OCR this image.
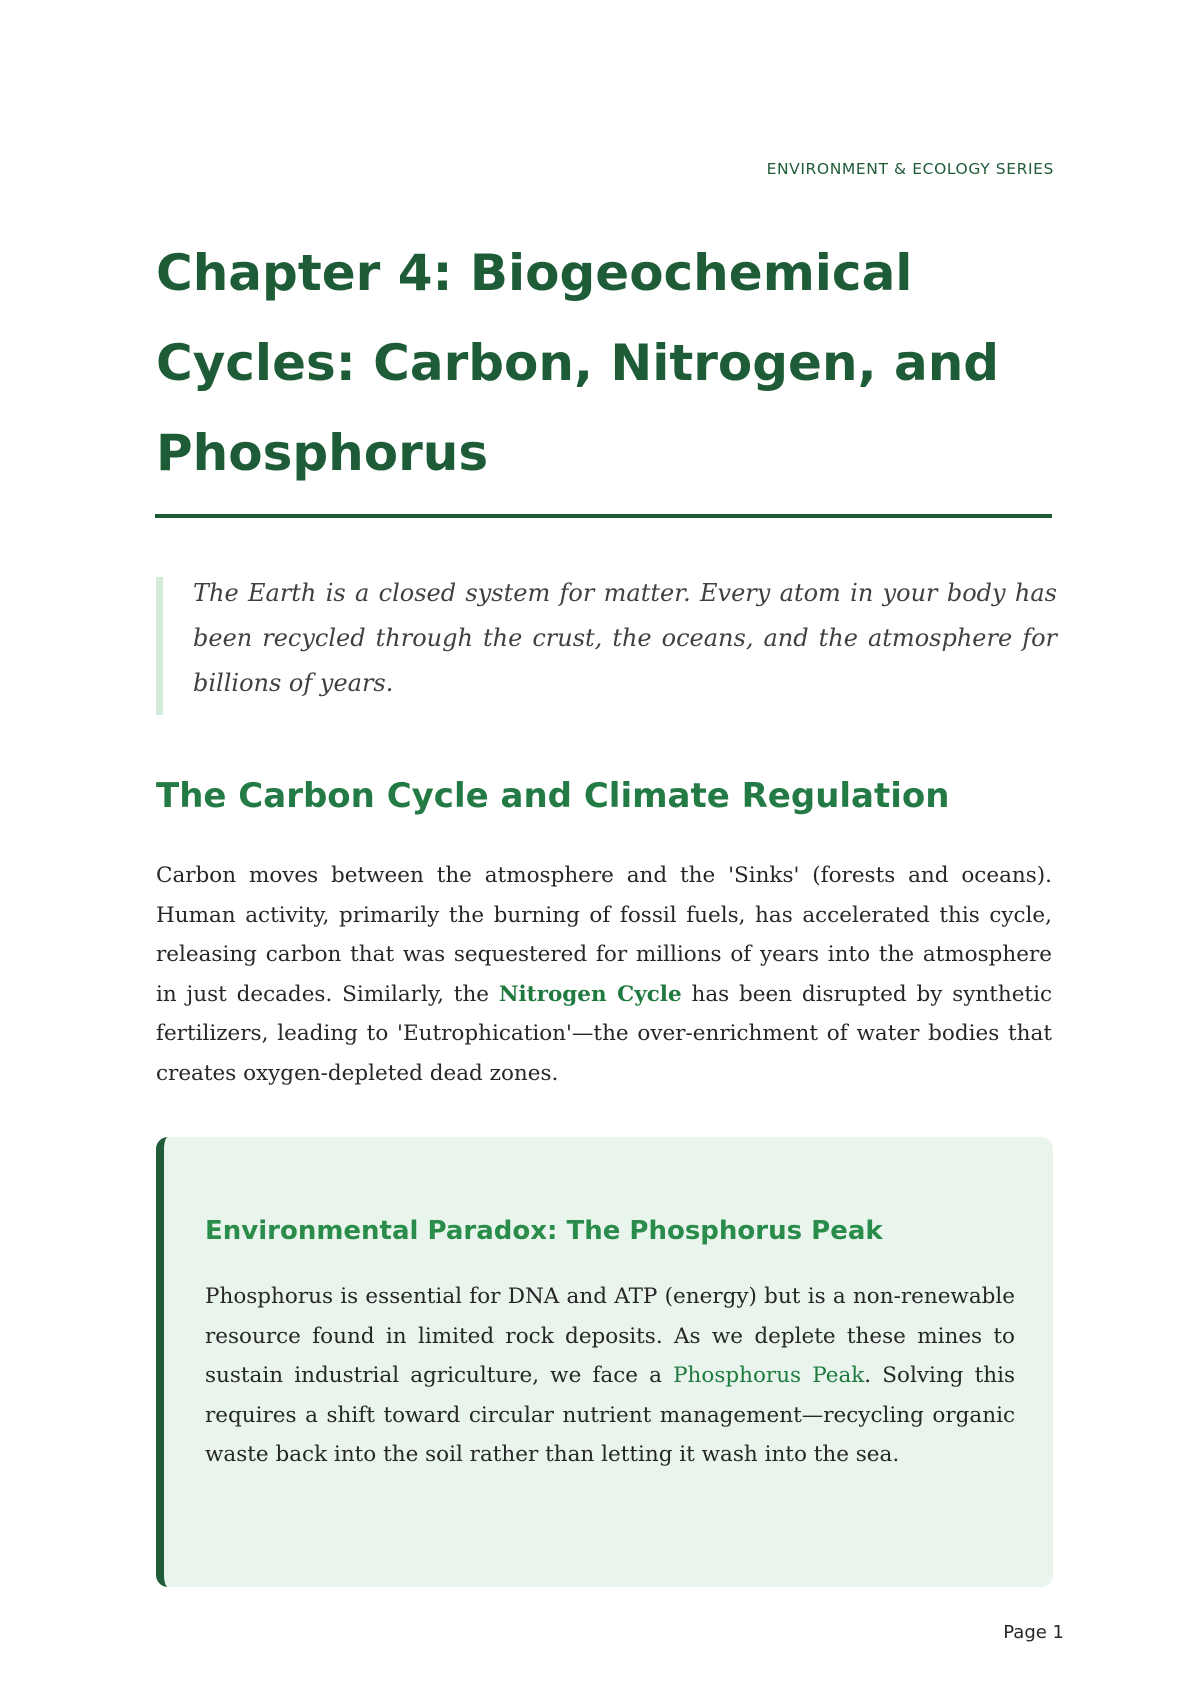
ENVIRONMENT & ECOLOGY SERIES
Chapter 4: Biogeochemical Cycles: Carbon, Nitrogen, and Phosphorus

The Earth is a closed system for matter. Every atom in your body has been recycled through the crust, the oceans, and the atmosphere for billions of years.

The Carbon Cycle and Climate Regulation

Carbon moves between the atmosphere and the 'Sinks' (forests and oceans). Human activity, primarily the burning of fossil fuels, has accelerated this cycle, releasing carbon that was sequestered for millions of years into the atmosphere in just decades. Similarly, the Nitrogen Cycle has been disrupted by synthetic fertilizers, leading to 'Eutrophication'—the over-enrichment of water bodies that creates oxygen-depleted dead zones.

Environmental Paradox: The Phosphorus Peak

Phosphorus is essential for DNA and ATP (energy) but is a non-renewable resource found in limited rock deposits. As we deplete these mines to sustain industrial agriculture, we face a Phosphorus Peak. Solving this requires a shift toward circular nutrient management—recycling organic waste back into the soil rather than letting it wash into the sea.

Page 1
